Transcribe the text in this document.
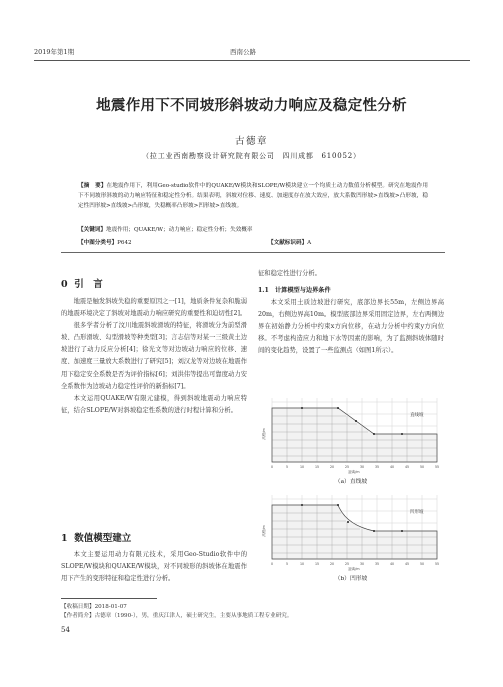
2019年第1期	西南公路
地震作用下不同坡形斜坡动力响应及稳定性分析
古德章
（拉工业西南勘察设计研究院有限公司　四川成都　610052）
【摘　要】在地震作用下，利用Geo-studio软件中的QUAKE/W模块和SLOPE/W模块建立一个均质土动力数值分析模型。研究在地震作用下不同坡形斜坡的动力响应特征和稳定性分析。结果表明，斜坡对位移、速度、加速度存在放大效应，放大系数凹形坡>直线坡>凸形坡，稳定性凹形坡>直线坡>凸形坡，失稳概率凸形坡>凹形坡>直线坡。
【关键词】地震作用；QUAKE/W；动力响应；稳定性分析；失效概率
【中图分类号】P642	【文献标识码】A
0 引　言

地震是触发斜坡失稳的重要原因之一[1]，地质条件复杂和脆弱的地震环境决定了斜坡对地震动力响应研究的重要性和迫切性[2]。

很多学者分析了汶川地震斜坡滑坡的特征，将滑坡分为前型滑坡、凸形滑坡、勾型滑坡等种类型[3]；言志信等对某一三级黄土边坡进行了动力反应分析[4]；徐光文等对边坡动力响应的位移、速度、加速度三量放大系数进行了研究[5]；刘汉龙等对边坡在地震作用下稳定安全系数是否为评价指标[6]；刘洪伟等提出可靠度动力安全系数作为边坡动力稳定性评价的新指标[7]。

本文运用QUAKE/W有限元建模，得到斜坡地震动力响应特征，结合SLOPE/W对斜坡稳定性系数的进行时程计算和分析。

1 数值模型建立

本文主要运用动力有限元技术，采用Geo-Studio软件中的SLOPE/W模块和QUAKE/W模块，对不同坡形的斜坡体在地震作用下产生的变形特征和稳定性进行分析。

征和稳定性进行分析。

1.1　计算模型与边界条件

本文采用土质边坡进行研究，底部边界长55m，左侧边界高20m，右侧边界高10m。模型底部边界采用固定边界，左右两侧边界在初始静力分析中约束x方向位移，在动力分析中约束y方向位移。不考虑构造应力和地下水等因素的影响，为了监测斜坡体随时间的变化趋势，设置了一些监测点（如图1所示）。

直线坡
0	5	10	15	20	25	30	35	40	45	50	55
距离/m
高程/m
（a）直线坡
凹形坡
0	5	10	15	20	25	30	35	40	45	50	55
距离/m
高程/m
（b）凹形坡
【收稿日期】2018-01-07
【作者简介】古德章（1990-），男，重庆江津人，硕士研究生，主要从事地质工程专业研究。
54
